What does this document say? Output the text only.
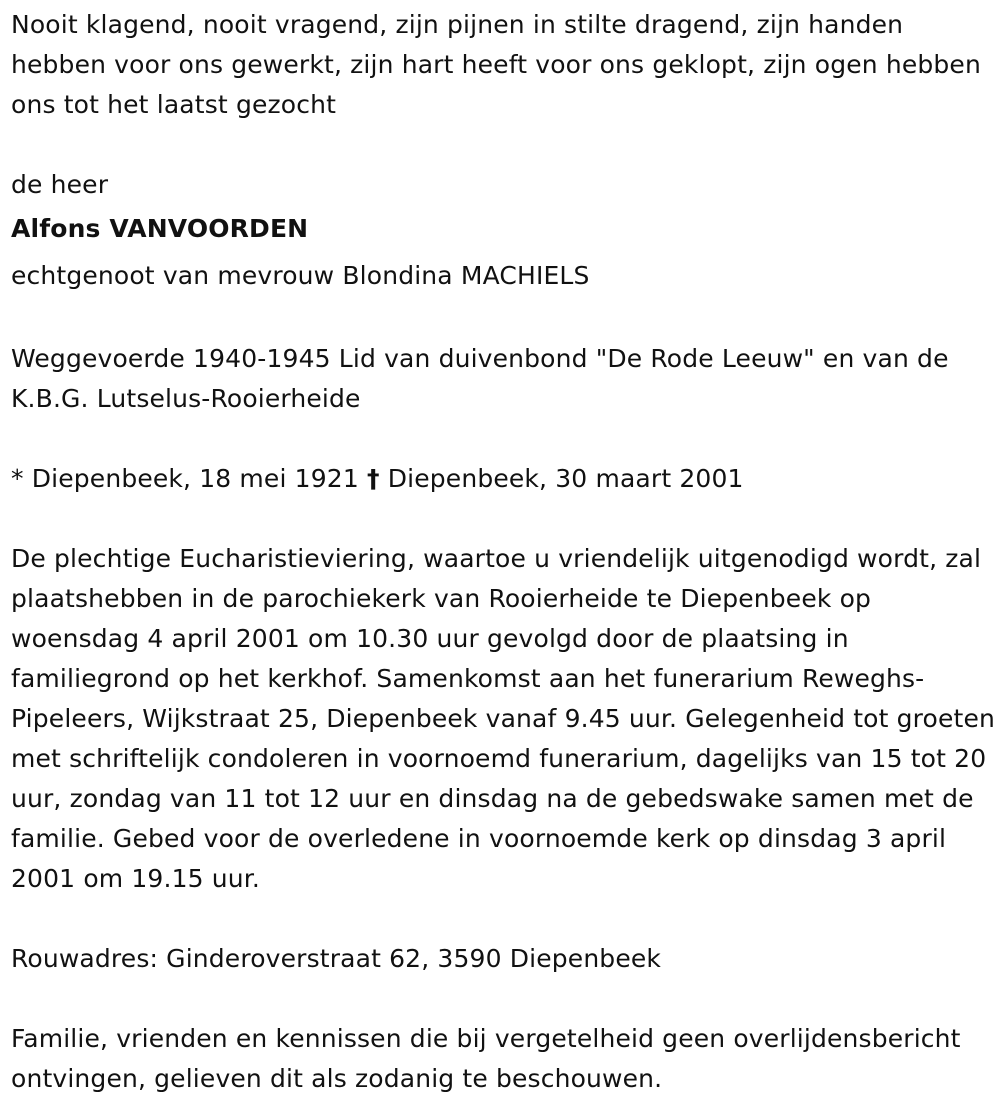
Nooit klagend, nooit vragend, zijn pijnen in stilte dragend, zijn handen hebben voor ons gewerkt, zijn hart heeft voor ons geklopt, zijn ogen hebben ons tot het laatst gezocht

de heer

Alfons VANVOORDEN

echtgenoot van mevrouw Blondina MACHIELS

Weggevoerde 1940-1945 Lid van duivenbond "De Rode Leeuw" en van de K.B.G. Lutselus-Rooierheide

* Diepenbeek, 18 mei 1921 † Diepenbeek, 30 maart 2001

De plechtige Eucharistieviering, waartoe u vriendelijk uitgenodigd wordt, zal plaatshebben in de parochiekerk van Rooierheide te Diepenbeek op woensdag 4 april 2001 om 10.30 uur gevolgd door de plaatsing in familiegrond op het kerkhof. Samenkomst aan het funerarium Reweghs-Pipeleers, Wijkstraat 25, Diepenbeek vanaf 9.45 uur. Gelegenheid tot groeten met schriftelijk condoleren in voornoemd funerarium, dagelijks van 15 tot 20 uur, zondag van 11 tot 12 uur en dinsdag na de gebedswake samen met de familie. Gebed voor de overledene in voornoemde kerk op dinsdag 3 april 2001 om 19.15 uur.

Rouwadres: Ginderoverstraat 62, 3590 Diepenbeek

Familie, vrienden en kennissen die bij vergetelheid geen overlijdensbericht ontvingen, gelieven dit als zodanig te beschouwen.
